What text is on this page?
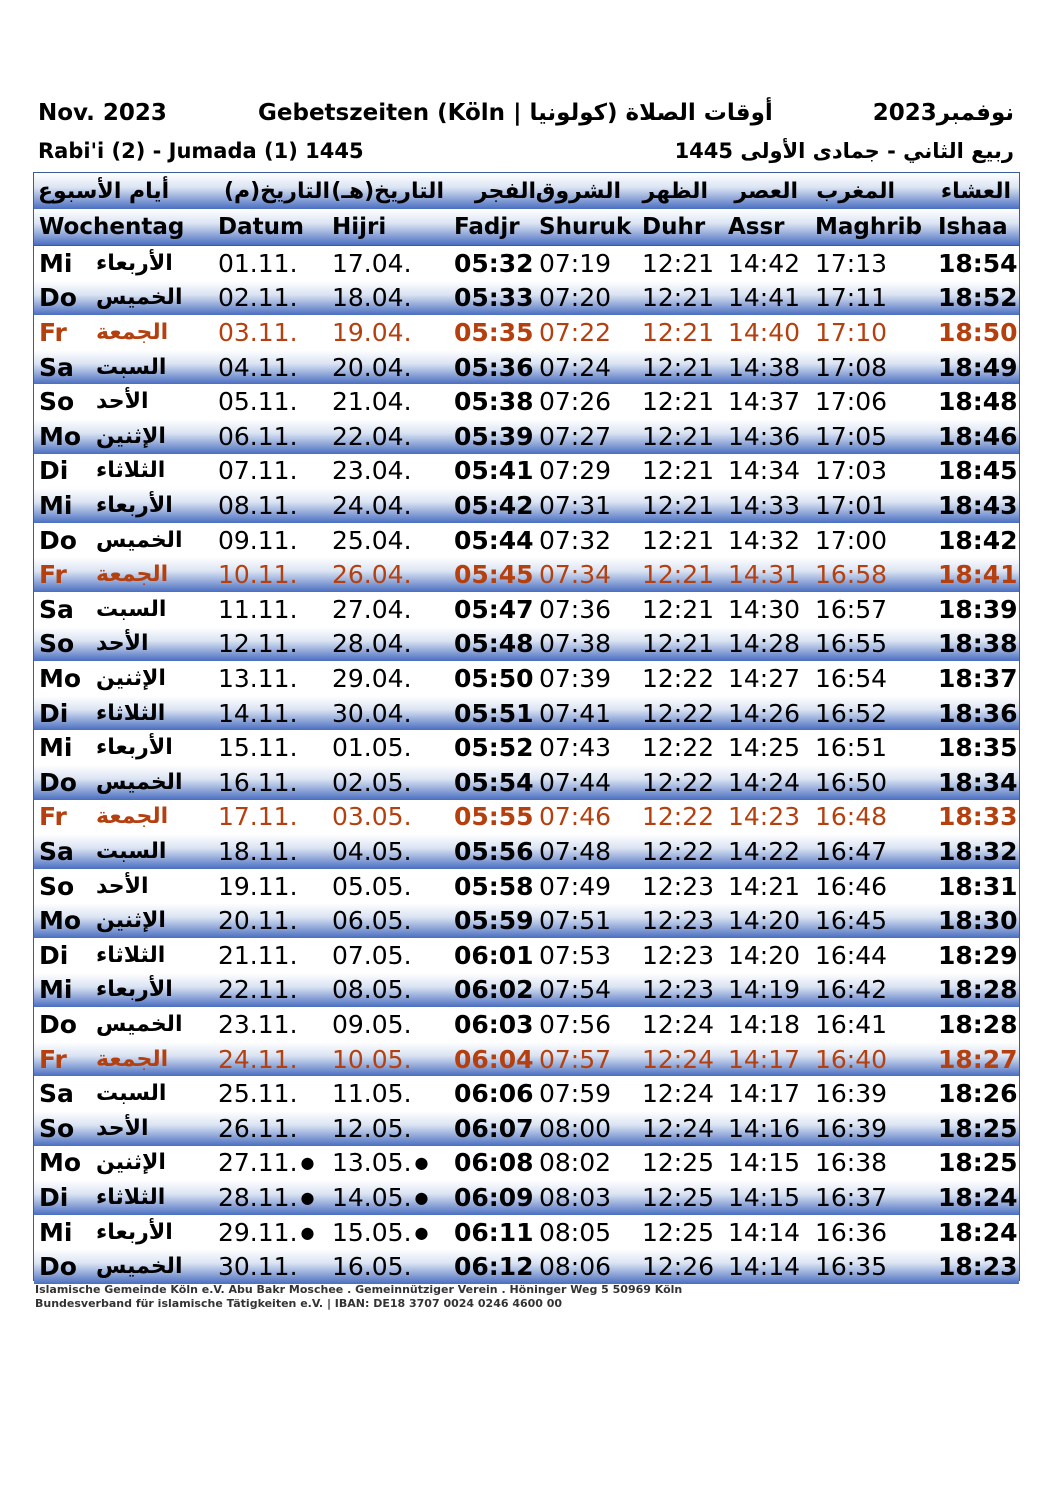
Nov. 2023	Gebetszeiten (Köln | كولونيا) أوقات الصلاة	نوفمبر2023
Rabi'i (2) - Jumada (1) 1445	ربيع الثاني - جمادى الأولى 1445
أيام الأسبوع	التاريخ(م) التاريخ(هـ)	الفجر الشروق الظهر العصر المغرب العشاء
Wochentag Datum Hijri	Fadjr Shuruk Duhr Assr Maghrib Ishaa
Mi الأربعاء	01.11. 17.04. 05:32 07:19 12:21 14:42 17:13 18:54
Do الخميس	02.11. 18.04. 05:33 07:20 12:21 14:41 17:11 18:52
Fr الجمعة	03.11. 19.04. 05:35 07:22 12:21 14:40 17:10 18:50
Sa السبت	04.11. 20.04. 05:36 07:24 12:21 14:38 17:08 18:49
So الأحد	05.11. 21.04. 05:38 07:26 12:21 14:37 17:06 18:48
Mo الإثنين	06.11. 22.04. 05:39 07:27 12:21 14:36 17:05 18:46
Di الثلاثاء	07.11. 23.04. 05:41 07:29 12:21 14:34 17:03 18:45
Mi الأربعاء	08.11. 24.04. 05:42 07:31 12:21 14:33 17:01 18:43
Do الخميس	09.11. 25.04. 05:44 07:32 12:21 14:32 17:00 18:42
Fr الجمعة	10.11. 26.04. 05:45 07:34 12:21 14:31 16:58 18:41
Sa السبت	11.11. 27.04. 05:47 07:36 12:21 14:30 16:57 18:39
So الأحد	12.11. 28.04. 05:48 07:38 12:21 14:28 16:55 18:38
Mo الإثنين	13.11. 29.04. 05:50 07:39 12:22 14:27 16:54 18:37
Di الثلاثاء	14.11. 30.04. 05:51 07:41 12:22 14:26 16:52 18:36
Mi الأربعاء	15.11. 01.05. 05:52 07:43 12:22 14:25 16:51 18:35
Do الخميس	16.11. 02.05. 05:54 07:44 12:22 14:24 16:50 18:34
Fr الجمعة	17.11. 03.05. 05:55 07:46 12:22 14:23 16:48 18:33
Sa السبت	18.11. 04.05. 05:56 07:48 12:22 14:22 16:47 18:32
So الأحد	19.11. 05.05. 05:58 07:49 12:23 14:21 16:46 18:31
Mo الإثنين	20.11. 06.05. 05:59 07:51 12:23 14:20 16:45 18:30
Di الثلاثاء	21.11. 07.05. 06:01 07:53 12:23 14:20 16:44 18:29
Mi الأربعاء	22.11. 08.05. 06:02 07:54 12:23 14:19 16:42 18:28
Do الخميس	23.11. 09.05. 06:03 07:56 12:24 14:18 16:41 18:28
Fr الجمعة	24.11. 10.05. 06:04 07:57 12:24 14:17 16:40 18:27
Sa السبت	25.11. 11.05. 06:06 07:59 12:24 14:17 16:39 18:26
So الأحد	26.11. 12.05. 06:07 08:00 12:24 14:16 16:39 18:25
Mo الإثنين	27.11. ●	13.05. ●	06:08 08:02 12:25 14:15 16:38 18:25
Di الثلاثاء	28.11. ●	14.05. ●	06:09 08:03 12:25 14:15 16:37 18:24
Mi الأربعاء	29.11. ●	15.05. ●	06:11 08:05 12:25 14:14 16:36 18:24
Do الخميس	30.11. 16.05. 06:12 08:06 12:26 14:14 16:35 18:23
Islamische Gemeinde Köln e.V. Abu Bakr Moschee . Gemeinnütziger Verein . Höninger Weg 5 50969 Köln
Bundesverband für islamische Tätigkeiten e.V. | IBAN: DE18 3707 0024 0246 4600 00
